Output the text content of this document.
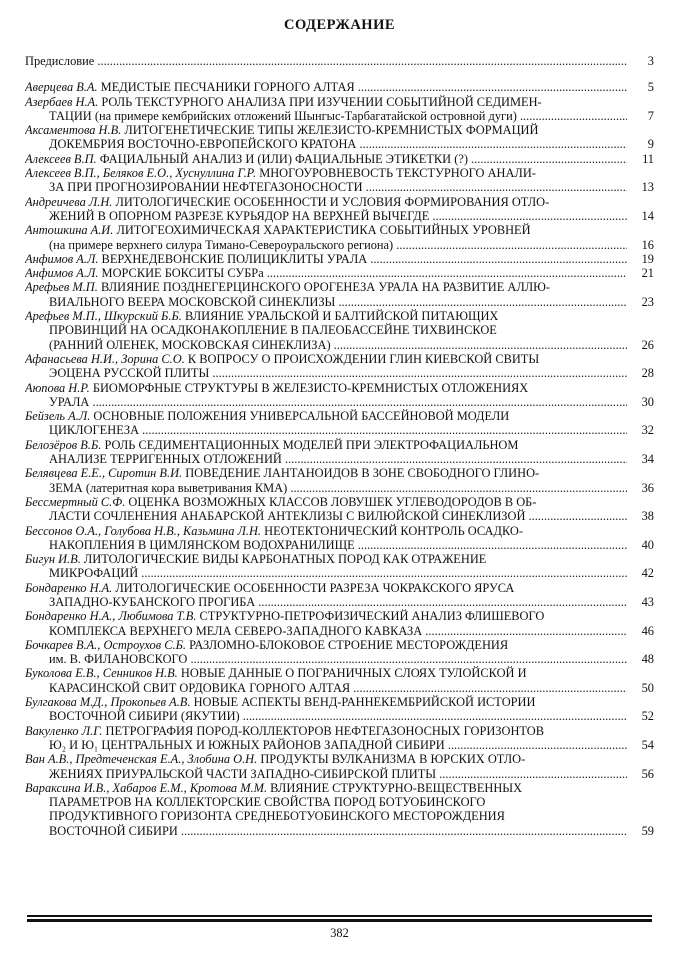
СОДЕРЖАНИЕ
Предисловие .....	3
Аверцева В.А. МЕДИСТЫЕ ПЕСЧАНИКИ ГОРНОГО АЛТАЯ .....	5
Азербаев Н.А. РОЛЬ ТЕКСТУРНОГО АНАЛИЗА ПРИ ИЗУЧЕНИИ СОБЫТИЙНОЙ СЕДИМЕН-
ТАЦИИ (на примере кембрийских отложений Шынгыс-Тарбагатайской островной дуги) .....	7
Аксаментова Н.В. ЛИТОГЕНЕТИЧЕСКИЕ ТИПЫ ЖЕЛЕЗИСТО-КРЕМНИСТЫХ ФОРМАЦИЙ
ДОКЕМБРИЯ ВОСТОЧНО-ЕВРОПЕЙСКОГО КРАТОНА .....	9
Алексеев В.П. ФАЦИАЛЬНЫЙ АНАЛИЗ И (ИЛИ) ФАЦИАЛЬНЫЕ ЭТИКЕТКИ (?) .....	11
Алексеев В.П., Беляков Е.О., Хуснуллина Г.Р. МНОГОУРОВНЕВОСТЬ ТЕКСТУРНОГО АНАЛИ-
ЗА ПРИ ПРОГНОЗИРОВАНИИ НЕФТЕГАЗОНОСНОСТИ .....	13
Андреичева Л.Н. ЛИТОЛОГИЧЕСКИЕ ОСОБЕННОСТИ И УСЛОВИЯ ФОРМИРОВАНИЯ ОТЛО-
ЖЕНИЙ В ОПОРНОМ РАЗРЕЗЕ КУРЬЯДОР НА ВЕРХНЕЙ ВЫЧЕГДЕ .....	14
Антошкина А.И. ЛИТОГЕОХИМИЧЕСКАЯ ХАРАКТЕРИСТИКА СОБЫТИЙНЫХ УРОВНЕЙ
(на примере верхнего силура Тимано-Североуральского региона) .....	16
Анфимов А.Л. ВЕРХНЕДЕВОНСКИЕ ПОЛИЦИКЛИТЫ УРАЛА .....	19
Анфимов А.Л. МОРСКИЕ БОКСИТЫ СУБРа .....	21
Арефьев М.П. ВЛИЯНИЕ ПОЗДНЕГЕРЦИНСКОГО ОРОГЕНЕЗА УРАЛА НА РАЗВИТИЕ АЛЛЮ-
ВИАЛЬНОГО ВЕЕРА МОСКОВСКОЙ СИНЕКЛИЗЫ .....	23
Арефьев М.П., Шкурский Б.Б. ВЛИЯНИЕ УРАЛЬСКОЙ И БАЛТИЙСКОЙ ПИТАЮЩИХ
ПРОВИНЦИЙ НА ОСАДКОНАКОПЛЕНИЕ В ПАЛЕОБАССЕЙНЕ ТИХВИНСКОЕ
(РАННИЙ ОЛЕНЕК, МОСКОВСКАЯ СИНЕКЛИЗА) .....	26
Афанасьева Н.И., Зорина С.О. К ВОПРОСУ О ПРОИСХОЖДЕНИИ ГЛИН КИЕВСКОЙ СВИТЫ
ЭОЦЕНА РУССКОЙ ПЛИТЫ .....	28
Аюпова Н.Р. БИОМОРФНЫЕ СТРУКТУРЫ В ЖЕЛЕЗИСТО-КРЕМНИСТЫХ ОТЛОЖЕНИЯХ
УРАЛА .....	30
Бейзель А.Л. ОСНОВНЫЕ ПОЛОЖЕНИЯ УНИВЕРСАЛЬНОЙ БАССЕЙНОВОЙ МОДЕЛИ
ЦИКЛОГЕНЕЗА .....	32
Белозёров В.Б. РОЛЬ СЕДИМЕНТАЦИОННЫХ МОДЕЛЕЙ ПРИ ЭЛЕКТРОФАЦИАЛЬНОМ
АНАЛИЗЕ ТЕРРИГЕННЫХ ОТЛОЖЕНИЙ .....	34
Белявцева Е.Е., Сиротин В.И. ПОВЕДЕНИЕ ЛАНТАНОИДОВ В ЗОНЕ СВОБОДНОГО ГЛИНО-
ЗЕМА (латеритная кора выветривания КМА) .....	36
Бессмертный С.Ф. ОЦЕНКА ВОЗМОЖНЫХ КЛАССОВ ЛОВУШЕК УГЛЕВОДОРОДОВ В ОБ-
ЛАСТИ СОЧЛЕНЕНИЯ АНАБАРСКОЙ АНТЕКЛИЗЫ С ВИЛЮЙСКОЙ СИНЕКЛИЗОЙ .....	38
Бессонов О.А., Голубова Н.В., Казьмина Л.Н. НЕОТЕКТОНИЧЕСКИЙ КОНТРОЛЬ ОСАДКО-
НАКОПЛЕНИЯ В ЦИМЛЯНСКОМ ВОДОХРАНИЛИЩЕ .....	40
Бигун И.В. ЛИТОЛОГИЧЕСКИЕ ВИДЫ КАРБОНАТНЫХ ПОРОД КАК ОТРАЖЕНИЕ
МИКРОФАЦИЙ .....	42
Бондаренко Н.А. ЛИТОЛОГИЧЕСКИЕ ОСОБЕННОСТИ РАЗРЕЗА ЧОКРАКСКОГО ЯРУСА
ЗАПАДНО-КУБАНСКОГО ПРОГИБА .....	43
Бондаренко Н.А., Любимова Т.В. СТРУКТУРНО-ПЕТРОФИЗИЧЕСКИЙ АНАЛИЗ ФЛИШЕВОГО
КОМПЛЕКСА ВЕРХНЕГО МЕЛА СЕВЕРО-ЗАПАДНОГО КАВКАЗА .....	46
Бочкарев В.А., Остроухов С.Б. РАЗЛОМНО-БЛОКОВОЕ СТРОЕНИЕ МЕСТОРОЖДЕНИЯ
им. В. ФИЛАНОВСКОГО .....	48
Буколова Е.В., Сенников Н.В. НОВЫЕ ДАННЫЕ О ПОГРАНИЧНЫХ СЛОЯХ ТУЛОЙСКОЙ И
КАРАСИНСКОЙ СВИТ ОРДОВИКА ГОРНОГО АЛТАЯ .....	50
Булгакова М.Д., Прокопьев А.В. НОВЫЕ АСПЕКТЫ ВЕНД-РАННЕКЕМБРИЙСКОЙ ИСТОРИИ
ВОСТОЧНОЙ СИБИРИ (ЯКУТИИ) .....	52
Вакуленко Л.Г. ПЕТРОГРАФИЯ ПОРОД-КОЛЛЕКТОРОВ НЕФТЕГАЗОНОСНЫХ ГОРИЗОНТОВ
Ю₂ И Ю₁ ЦЕНТРАЛЬНЫХ И ЮЖНЫХ РАЙОНОВ ЗАПАДНОЙ СИБИРИ .....	54
Ван А.В., Предтеченская Е.А., Злобина О.Н. ПРОДУКТЫ ВУЛКАНИЗМА В ЮРСКИХ ОТЛО-
ЖЕНИЯХ ПРИУРАЛЬСКОЙ ЧАСТИ ЗАПАДНО-СИБИРСКОЙ ПЛИТЫ .....	56
Вараксина И.В., Хабаров Е.М., Кротова М.М. ВЛИЯНИЕ СТРУКТУРНО-ВЕЩЕСТВЕННЫХ
ПАРАМЕТРОВ НА КОЛЛЕКТОРСКИЕ СВОЙСТВА ПОРОД БОТУОБИНСКОГО
ПРОДУКТИВНОГО ГОРИЗОНТА СРЕДНЕБОТУОБИНСКОГО МЕСТОРОЖДЕНИЯ
ВОСТОЧНОЙ СИБИРИ .....	59
382
